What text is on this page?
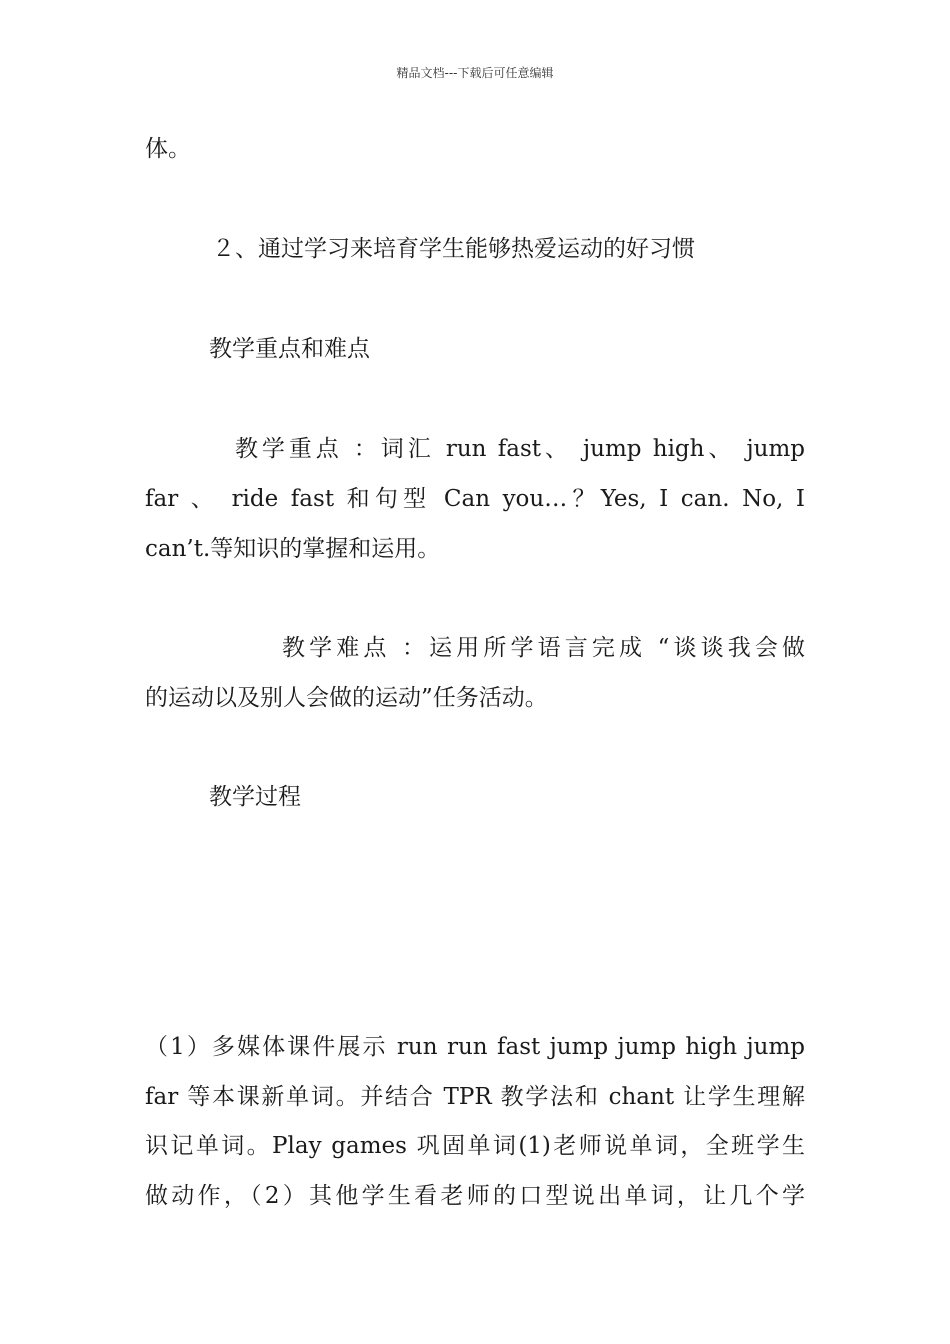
精品文档---下载后可任意编辑
体。
２、通过学习来培育学生能够热爱运动的好习惯
教学重点和难点
教学重点 ：词汇 run fast、 jump high、 jump
far 、 ride fast 和句型 Can you…？Yes, I can. No, I
can’t.等知识的掌握和运用。
教学难点 ：运用所学语言完成 “谈谈我会做
的运动以及别人会做的运动”任务活动。
教学过程
（1）多媒体课件展示 run run fast jump jump high jump
far 等本课新单词。并结合 TPR 教学法和 chant 让学生理解
识记单词。Play games 巩固单词(1)老师说单词，全班学生
做动作，（2）其他学生看老师的口型说出单词，让几个学
